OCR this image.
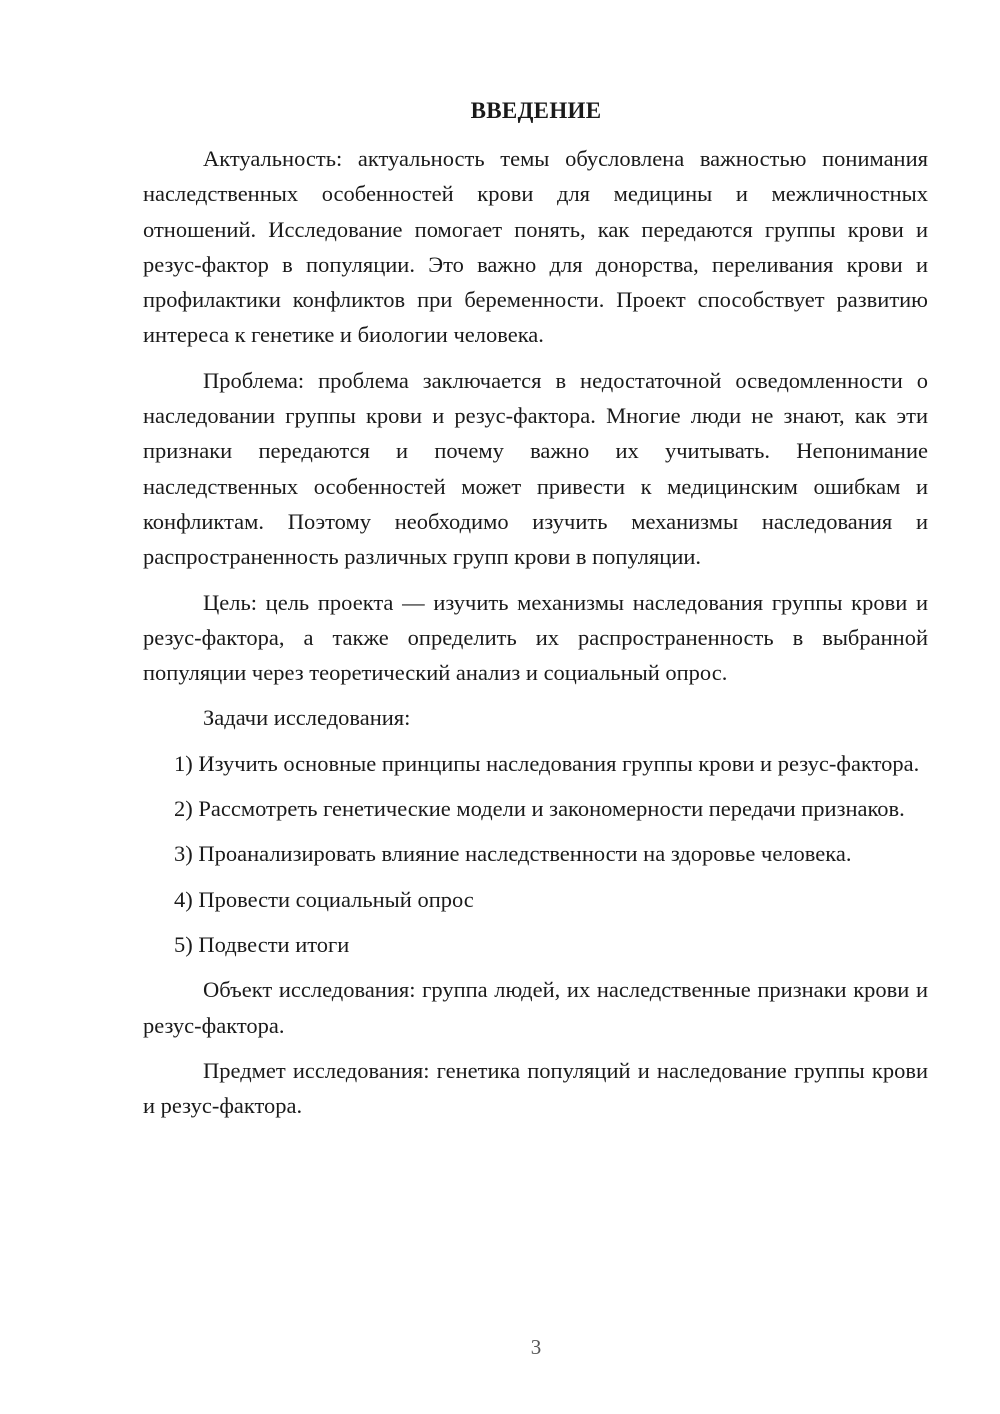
ВВЕДЕНИЕ

Актуальность: актуальность темы обусловлена важностью понимания наследственных особенностей крови для медицины и межличностных отношений. Исследование помогает понять, как передаются группы крови и резус-фактор в популяции. Это важно для донорства, переливания крови и профилактики конфликтов при беременности. Проект способствует развитию интереса к генетике и биологии человека.

Проблема: проблема заключается в недостаточной осведомленности о наследовании группы крови и резус-фактора. Многие люди не знают, как эти признаки передаются и почему важно их учитывать. Непонимание наследственных особенностей может привести к медицинским ошибкам и конфликтам. Поэтому необходимо изучить механизмы наследования и распространенность различных групп крови в популяции.

Цель: цель проекта — изучить механизмы наследования группы крови и резус-фактора, а также определить их распространенность в выбранной популяции через теоретический анализ и социальный опрос.

Задачи исследования:

1) Изучить основные принципы наследования группы крови и резус-фактора.

2) Рассмотреть генетические модели и закономерности передачи признаков.

3) Проанализировать влияние наследственности на здоровье человека.

4) Провести социальный опрос

5) Подвести итоги

Объект исследования: группа людей, их наследственные признаки крови и резус-фактора.

Предмет исследования: генетика популяций и наследование группы крови и резус-фактора.

3
